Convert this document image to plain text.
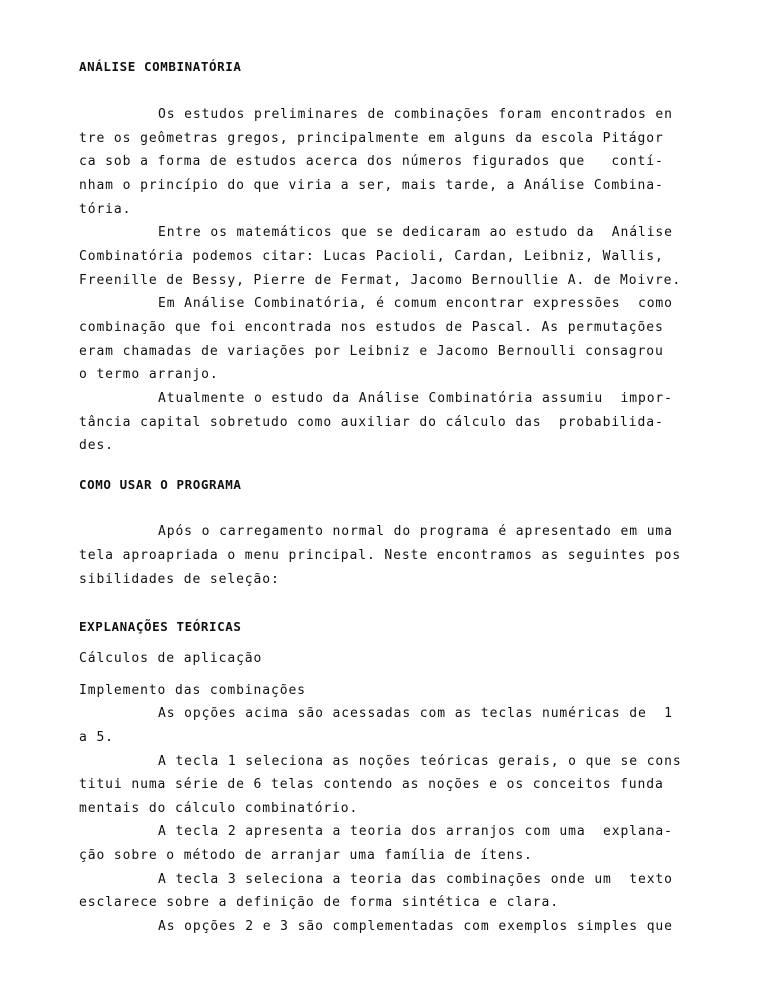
ANÁLISE COMBINATÓRIA
Os estudos preliminares de combinações foram encontrados en
tre os geômetras gregos, principalmente em alguns da escola Pitágor
ca sob a forma de estudos acerca dos números figurados que   contí-
nham o princípio do que viria a ser, mais tarde, a Análise Combina-
tória.
Entre os matemáticos que se dedicaram ao estudo da  Análise
Combinatória podemos citar: Lucas Pacioli, Cardan, Leibniz, Wallis,
Freenille de Bessy, Pierre de Fermat, Jacomo Bernoullie A. de Moivre.
Em Análise Combinatória, é comum encontrar expressões  como
combinação que foi encontrada nos estudos de Pascal. As permutações
eram chamadas de variações por Leibniz e Jacomo Bernoulli consagrou
o termo arranjo.
Atualmente o estudo da Análise Combinatória assumiu  impor-
tância capital sobretudo como auxiliar do cálculo das  probabilida-
des.
COMO USAR O PROGRAMA
Após o carregamento normal do programa é apresentado em uma
tela aproapriada o menu principal. Neste encontramos as seguintes pos
sibilidades de seleção:
EXPLANAÇÕES TEÓRICAS
Cálculos de aplicação
Implemento das combinações
As opções acima são acessadas com as teclas numéricas de  1
a 5.
A tecla 1 seleciona as noções teóricas gerais, o que se cons
titui numa série de 6 telas contendo as noções e os conceitos funda
mentais do cálculo combinatório.
A tecla 2 apresenta a teoria dos arranjos com uma  explana-
ção sobre o método de arranjar uma família de ítens.
A tecla 3 seleciona a teoria das combinações onde um  texto
esclarece sobre a definição de forma sintética e clara.
As opções 2 e 3 são complementadas com exemplos simples que
